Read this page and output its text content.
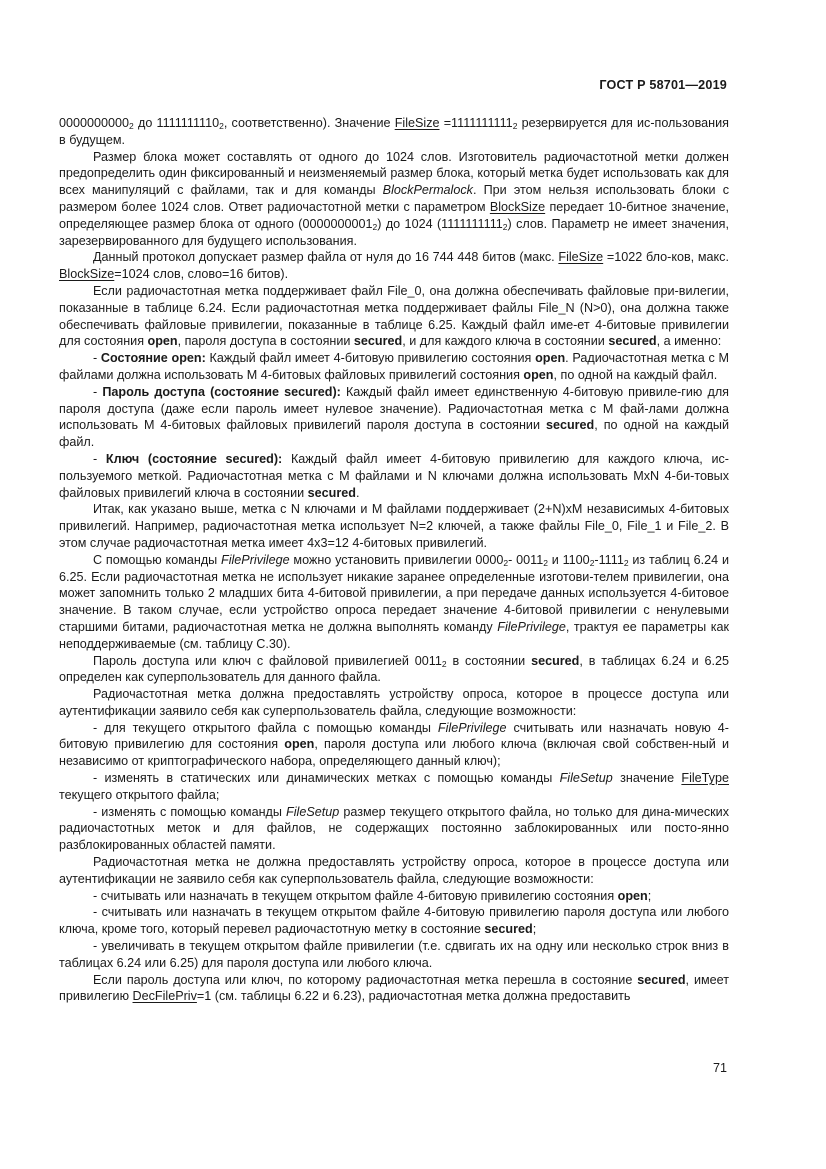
ГОСТ Р 58701—2019

$0000000000_2$ до $1111111110_2$, соответственно). Значение FileSize $=1111111111_2$ резервируется для ис-пользования в будущем.

Размер блока может составлять от одного до 1024 слов. Изготовитель радиочастотной метки должен предопределить один фиксированный и неизменяемый размер блока, который метка будет использовать как для всех манипуляций с файлами, так и для команды BlockPermalock. При этом нельзя использовать блоки с размером более 1024 слов. Ответ радиочастотной метки с параметром BlockSize передает 10-битное значение, определяющее размер блока от одного $(0000000001_2)$ до 1024 $(1111111111_2)$ слов. Параметр не имеет значения, зарезервированного для будущего использования.

Данный протокол допускает размер файла от нуля до 16 744 448 битов (макс. FileSize =1022 бло-ков, макс. BlockSize=1024 слов, слово=16 битов).

Если радиочастотная метка поддерживает файл File_0, она должна обеспечивать файловые при-вилегии, показанные в таблице 6.24. Если радиочастотная метка поддерживает файлы File_N (N>0), она должна также обеспечивать файловые привилегии, показанные в таблице 6.25. Каждый файл име-ет 4-битовые привилегии для состояния open, пароля доступа в состоянии secured, и для каждого ключа в состоянии secured, а именно:

- Состояние open: Каждый файл имеет 4-битовую привилегию состояния open. Радиочастотная метка с М файлами должна использовать М 4-битовых файловых привилегий состояния open, по одной на каждый файл.

- Пароль доступа (состояние secured): Каждый файл имеет единственную 4-битовую привиле-гию для пароля доступа (даже если пароль имеет нулевое значение). Радиочастотная метка с М фай-лами должна использовать М 4-битовых файловых привилегий пароля доступа в состоянии secured, по одной на каждый файл.

- Ключ (состояние secured): Каждый файл имеет 4-битовую привилегию для каждого ключа, ис-пользуемого меткой. Радиочастотная метка с М файлами и N ключами должна использовать MxN 4-би-товых файловых привилегий ключа в состоянии secured.

Итак, как указано выше, метка с N ключами и М файлами поддерживает (2+N)xM независимых 4-битовых привилегий. Например, радиочастотная метка использует N=2 ключей, а также файлы File_0, File_1 и File_2. В этом случае радиочастотная метка имеет 4x3=12 4-битовых привилегий.

С помощью команды FilePrivilege можно установить привилегии $0000_2-$ $0011_2$ и $1100_2-1111_2$ из таблиц 6.24 и 6.25. Если радиочастотная метка не использует никакие заранее определенные изготови-телем привилегии, она может запомнить только 2 младших бита 4-битовой привилегии, а при передаче данных используется 4-битовое значение. В таком случае, если устройство опроса передает значение 4-битовой привилегии с ненулевыми старшими битами, радиочастотная метка не должна выполнять команду FilePrivilege, трактуя ее параметры как неподдерживаемые (см. таблицу С.30).

Пароль доступа или ключ с файловой привилегией $0011_2$ в состоянии secured, в таблицах 6.24 и 6.25 определен как суперпользователь для данного файла.

Радиочастотная метка должна предоставлять устройству опроса, которое в процессе доступа или аутентификации заявило себя как суперпользователь файла, следующие возможности:

- для текущего открытого файла с помощью команды FilePrivilege считывать или назначать новую 4-битовую привилегию для состояния open, пароля доступа или любого ключа (включая свой собствен-ный и независимо от криптографического набора, определяющего данный ключ);

- изменять в статических или динамических метках с помощью команды FileSetup значение FileType текущего открытого файла;

- изменять с помощью команды FileSetup размер текущего открытого файла, но только для дина-мических радиочастотных меток и для файлов, не содержащих постоянно заблокированных или посто-янно разблокированных областей памяти.

Радиочастотная метка не должна предоставлять устройству опроса, которое в процессе доступа или аутентификации не заявило себя как суперпользователь файла, следующие возможности:

- считывать или назначать в текущем открытом файле 4-битовую привилегию состояния open;

- считывать или назначать в текущем открытом файле 4-битовую привилегию пароля доступа или любого ключа, кроме того, который перевел радиочастотную метку в состояние secured;

- увеличивать в текущем открытом файле привилегии (т.е. сдвигать их на одну или несколько строк вниз в таблицах 6.24 или 6.25) для пароля доступа или любого ключа.

Если пароль доступа или ключ, по которому радиочастотная метка перешла в состояние secured, имеет привилегию DecFilePriv=1 (см. таблицы 6.22 и 6.23), радиочастотная метка должна предоставить

71
